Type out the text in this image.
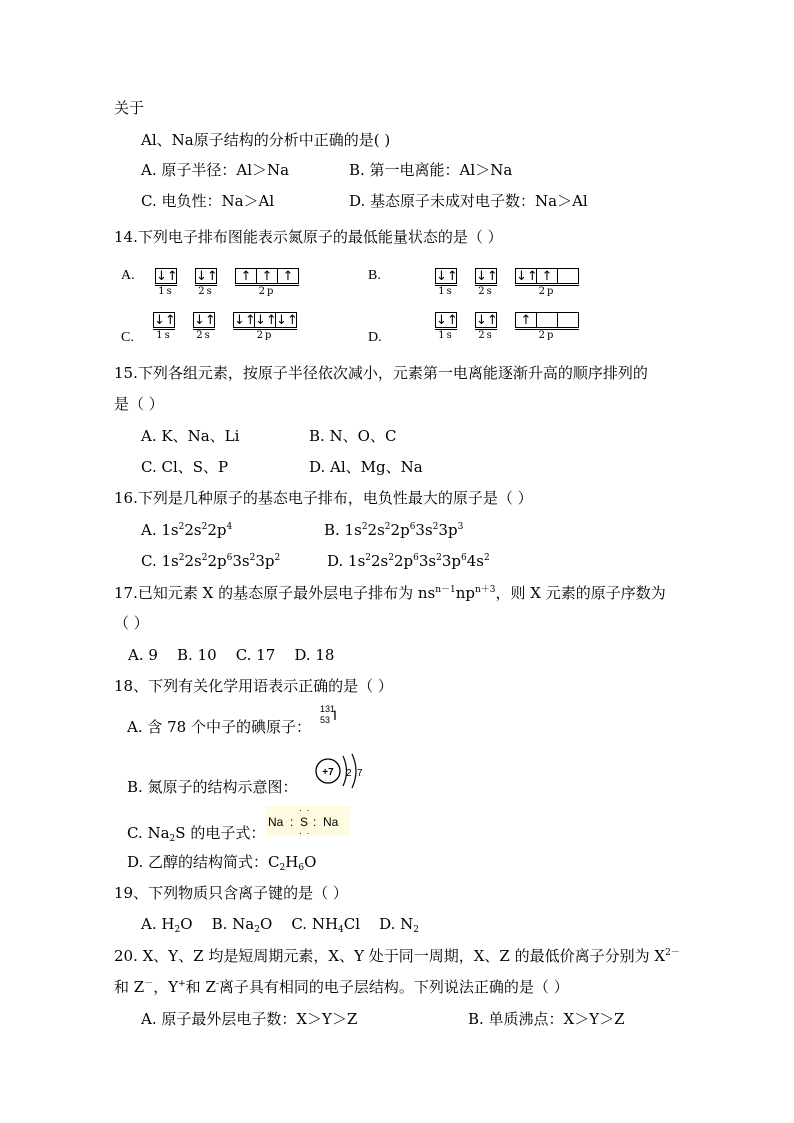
关于
Al、Na原子结构的分析中正确的是( )
A. 原子半径：Al＞Na	B. 第一电离能：Al＞Na
C. 电负性：Na＞Al	D. 基态原子未成对电子数：Na＞Al
14.下列电子排布图能表示氮原子的最低能量状态的是（ ）
A. ↓↑
1s
↓↑
2s
↑ ↑ ↑
2p
B.	↓↑
1s
↓↑
2s
↓↑ ↑
2p
C.
↓↑
1s
↓↑
2s
↓↑ ↓↑ ↓↑
2p	D.
↓↑
1s
↓↑
2s
↑
2p
15.下列各组元素，按原子半径依次减小，元素第一电离能逐渐升高的顺序排列的
是（ ）
A. K、Na、Li	B. N、O、C
C. Cl、S、P	D. Al、Mg、Na
16.下列是几种原子的基态电子排布，电负性最大的原子是（ ）
A. $1s^22s^22p^4$	B. $1s^22s^22p^63s^23p^3$
C. $1s^22s^22p^63s^23p^2$	D. $1s^22s^22p^63s^23p^64s^2$
17.已知元素 X 的基态原子最外层电子排布为 $ns^{n-1}np^{n+3}$，则 X 元素的原子序数为
（ ）
A. 9    B. 10    C. 17    D. 18
18、下列有关化学用语表示正确的是（ ）
A. 含 78 个中子的碘原子：
131
53 I
B. 氮原子的结构示意图：
+7 2 7
C. $Na_2S$ 的电子式：
· ·
Na : S : Na
· ·
D. 乙醇的结构简式：$C_2H_6O$
19、下列物质只含离子键的是（ ）
A. $H_2O$ B. $Na_2O$ C. $NH_4Cl$ D. $N_2$
20. X、Y、Z 均是短周期元素，X、Y 处于同一周期，X、Z 的最低价离子分别为 $X^{2-}$
和 Z－，Y+和 Z-离子具有相同的电子层结构。下列说法正确的是（ ）
A. 原子最外层电子数：X＞Y＞Z	B. 单质沸点：X＞Y＞Z
